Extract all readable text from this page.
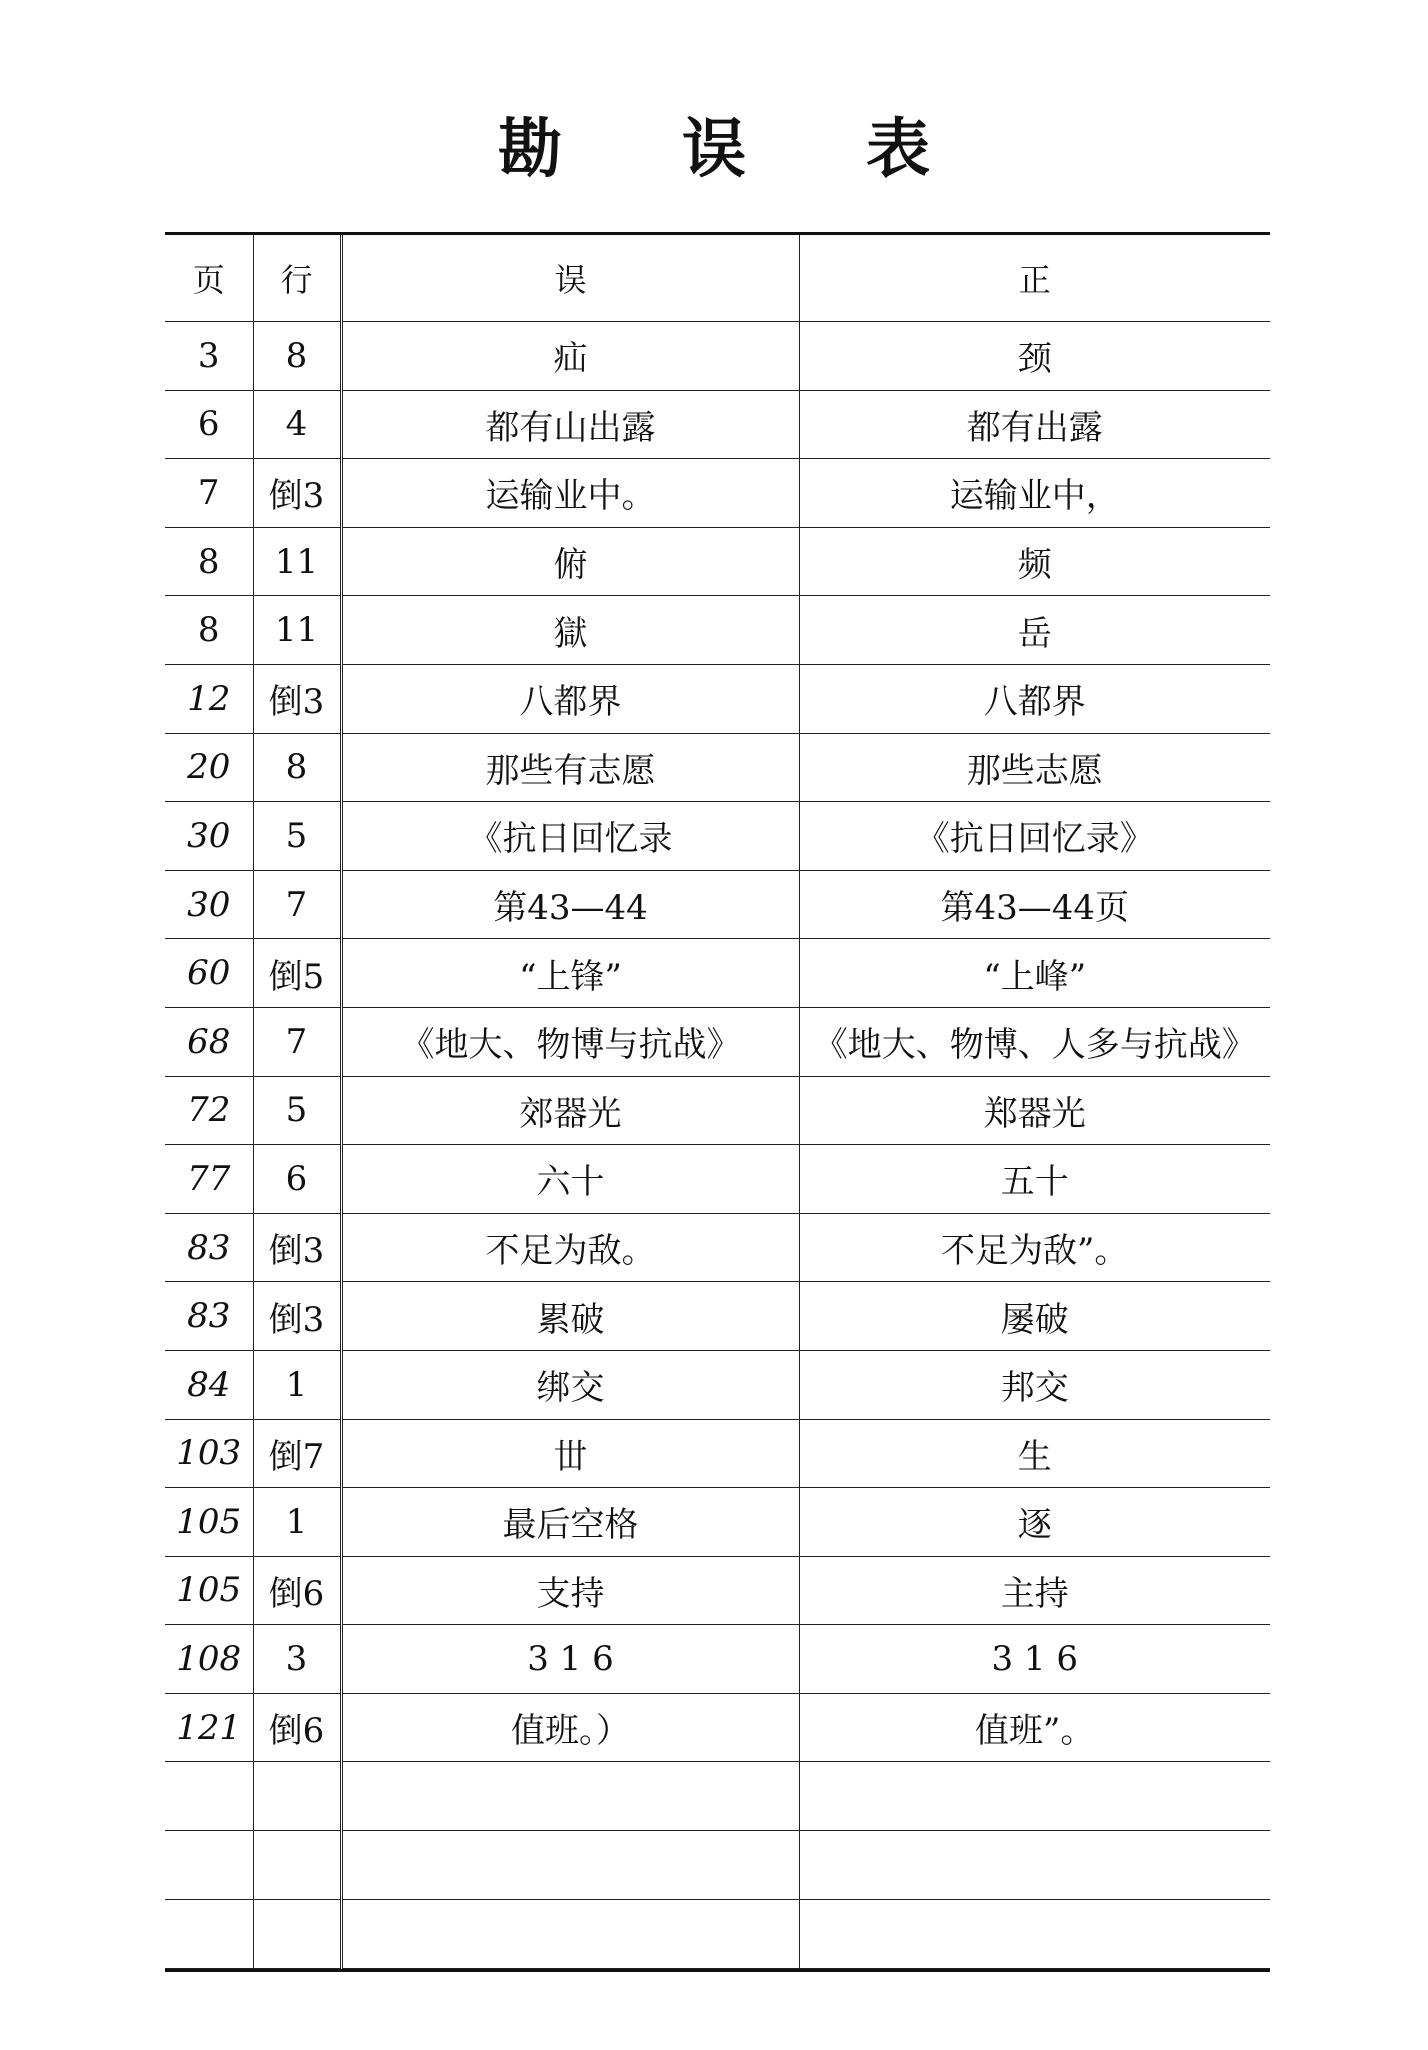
勘误表
页	行	误	正
3	8	疝	颈
6	4	都有山出露	都有出露
7	倒3	运输业中。	运输业中，
8	11	俯	频
8	11	獄	岳
12	倒3	八都界	八都界
20	8	那些有志愿	那些志愿
30	5	《抗日回忆录	《抗日回忆录》
30	7	第43—44	第43—44页
60	倒5	“上锋”	“上峰”
68	7	《地大、物博与抗战》	《地大、物博、人多与抗战》
72	5	郊器光	郑器光
77	6	六十	五十
83	倒3	不足为敌。	不足为敌”。
83	倒3	累破	屡破
84	1	绑交	邦交
103	倒7	丗	生
105	1	最后空格	逐
105	倒6	支持	主持
108	3	3 1 6	3 1 6
121	倒6	值班。）	值班”。
